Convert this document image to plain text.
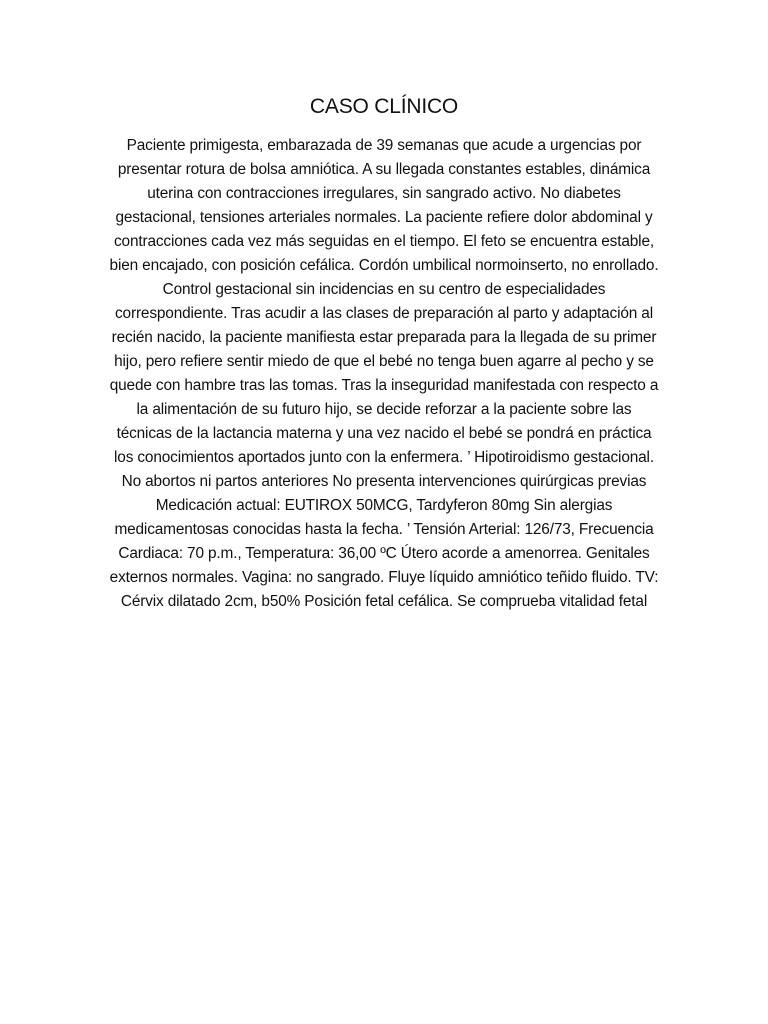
CASO CLÍNICO

Paciente primigesta, embarazada de 39 semanas que acude a urgencias por presentar rotura de bolsa amniótica. A su llegada constantes estables, dinámica uterina con contracciones irregulares, sin sangrado activo. No diabetes gestacional, tensiones arteriales normales. La paciente refiere dolor abdominal y contracciones cada vez más seguidas en el tiempo. El feto se encuentra estable, bien encajado, con posición cefálica. Cordón umbilical normoinserto, no enrollado. Control gestacional sin incidencias en su centro de especialidades correspondiente. Tras acudir a las clases de preparación al parto y adaptación al recién nacido, la paciente manifiesta estar preparada para la llegada de su primer hijo, pero refiere sentir miedo de que el bebé no tenga buen agarre al pecho y se quede con hambre tras las tomas. Tras la inseguridad manifestada con respecto a la alimentación de su futuro hijo, se decide reforzar a la paciente sobre las técnicas de la lactancia materna y una vez nacido el bebé se pondrá en práctica los conocimientos aportados junto con la enfermera. ’ Hipotiroidismo gestacional. No abortos ni partos anteriores No presenta intervenciones quirúrgicas previas Medicación actual: EUTIROX 50MCG, Tardyferon 80mg Sin alergias medicamentosas conocidas hasta la fecha. ’ Tensión Arterial: 126/73, Frecuencia Cardiaca: 70 p.m., Temperatura: 36,00 ºC Útero acorde a amenorrea. Genitales externos normales. Vagina: no sangrado. Fluye líquido amniótico teñido fluido. TV: Cérvix dilatado 2cm, b50% Posición fetal cefálica. Se comprueba vitalidad fetal
